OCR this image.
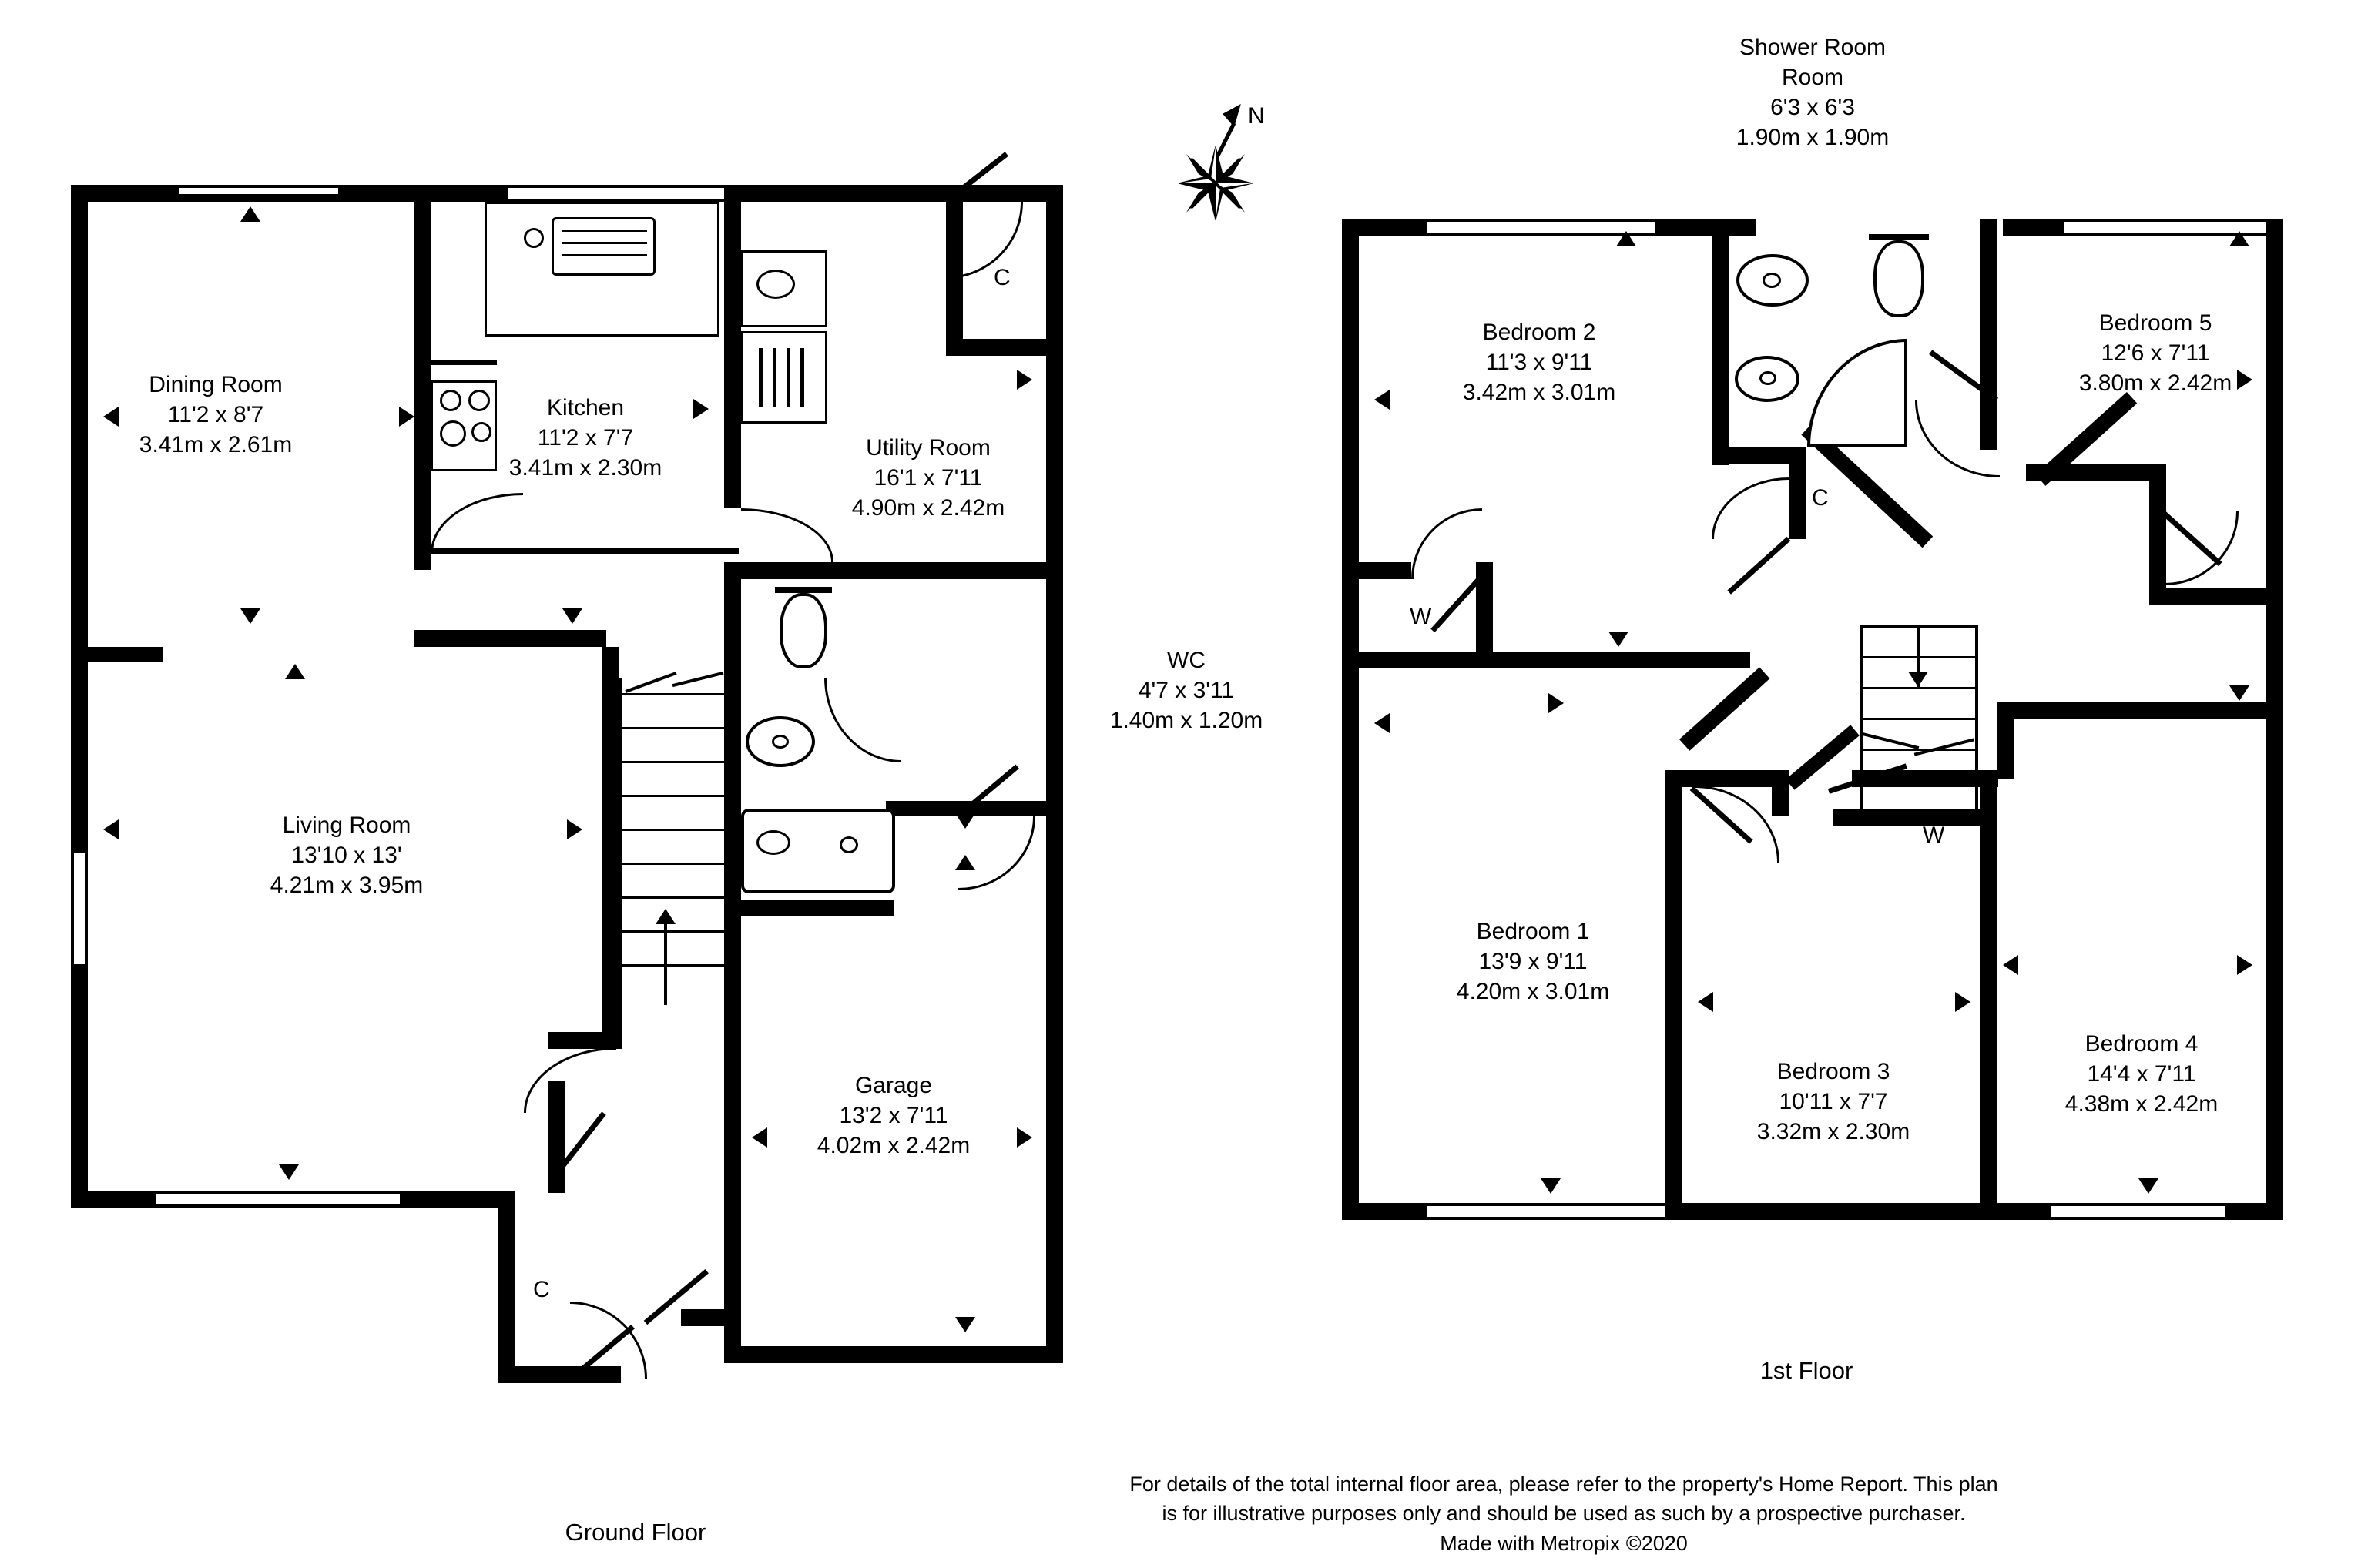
C
C
Dining Room
11'2 x 8'7
3.41m x 2.61m
Kitchen
11'2 x 7'7
3.41m x 2.30m
Utility Room
16'1 x 7'11
4.90m x 2.42m
WC
4'7 x 3'11
1.40m x 1.20m
Living Room
13'10 x 13'
4.21m x 3.95m
Garage
13'2 x 7'11
4.02m x 2.42m
Ground Floor
N
W
W
C
Shower Room
Room
6'3 x 6'3
1.90m x 1.90m
Bedroom 2
11'3 x 9'11
3.42m x 3.01m
Bedroom 5
12'6 x 7'11
3.80m x 2.42m
Bedroom 1
13'9 x 9'11
4.20m x 3.01m
Bedroom 3
10'11 x 7'7
3.32m x 2.30m
Bedroom 4
14'4 x 7'11
4.38m x 2.42m
1st Floor
For details of the total internal floor area, please refer to the property's Home Report. This plan
is for illustrative purposes only and should be used as such by a prospective purchaser.
Made with Metropix ©2020
